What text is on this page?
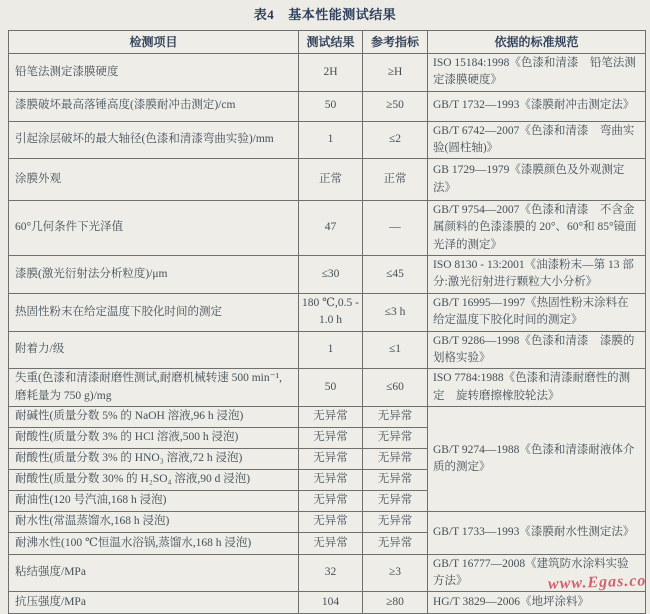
表4 基本性能测试结果
检测项目	测试结果	参考指标	依据的标准规范
铅笔法测定漆膜硬度	2H	≥H	ISO 15184:1998《色漆和清漆　铅笔法测定漆膜硬度》
漆膜破坏最高落锤高度(漆膜耐冲击测定)/cm	50	≥50	GB/T 1732—1993《漆膜耐冲击测定法》
引起涂层破坏的最大轴径(色漆和清漆弯曲实验)/mm	1	≤2	GB/T 6742—2007《色漆和清漆　弯曲实验(圆柱轴)》
涂膜外观	正常	正常	GB 1729—1979《漆膜颜色及外观测定法》
60°几何条件下光泽值	47	—	GB/T 9754—2007《色漆和清漆　不含金属颜料的色漆漆膜的 20°、60°和 85°镜面光泽的测定》
漆膜(激光衍射法分析粒度)/μm	≤30	≤45	ISO 8130 - 13:2001《油漆粉末—第 13 部分:激光衍射进行颗粒大小分析》
热固性粉末在给定温度下胶化时间的测定	180 ℃,0.5 - 1.0 h	≤3 h	GB/T 16995—1997《热固性粉末涂料在给定温度下胶化时间的测定》
附着力/级	1	≤1	GB/T 9286—1998《色漆和清漆　漆膜的划格实验》
失重(色漆和清漆耐磨性测试,耐磨机械转速 500 min⁻¹,磨耗量为 750 g)/mg	50	≤60	ISO 7784:1988《色漆和清漆耐磨性的测定　旋转磨擦橡胶轮法》
耐碱性(质量分数 5% 的 NaOH 溶液,96 h 浸泡)	无异常	无异常	GB/T 9274—1988《色漆和清漆耐液体介质的测定》
耐酸性(质量分数 3% 的 HCl 溶液,500 h 浸泡)	无异常	无异常	
耐酸性(质量分数 3% 的 HNO₃ 溶液,72 h 浸泡)	无异常	无异常	
耐酸性(质量分数 30% 的 H₂SO₄ 溶液,90 d 浸泡)	无异常	无异常	
耐油性(120 号汽油,168 h 浸泡)	无异常	无异常	
耐水性(常温蒸馏水,168 h 浸泡)	无异常	无异常	GB/T 1733—1993《漆膜耐水性测定法》
耐沸水性(100 ℃恒温水浴锅,蒸馏水,168 h 浸泡)	无异常	无异常	
粘结强度/MPa	32	≥3	GB/T 16777—2008《建筑防水涂料实验方法》
抗压强度/MPa	104	≥80	HG/T 3829—2006《地坪涂料》
www.Egas.co
